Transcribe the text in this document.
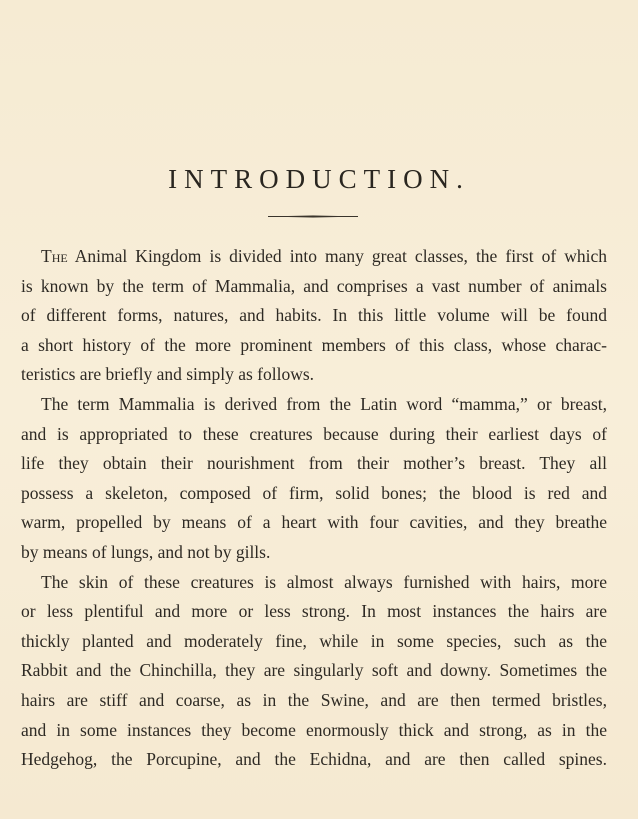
INTRODUCTION.
The Animal Kingdom is divided into many great classes, the first of which
is known by the term of Mammalia, and comprises a vast number of animals
of different forms, natures, and habits. In this little volume will be found
a short history of the more prominent members of this class, whose charac-
teristics are briefly and simply as follows.
The term Mammalia is derived from the Latin word “mamma,” or breast,
and is appropriated to these creatures because during their earliest days of
life they obtain their nourishment from their mother’s breast. They all
possess a skeleton, composed of firm, solid bones; the blood is red and
warm, propelled by means of a heart with four cavities, and they breathe
by means of lungs, and not by gills.
The skin of these creatures is almost always furnished with hairs, more
or less plentiful and more or less strong. In most instances the hairs are
thickly planted and moderately fine, while in some species, such as the
Rabbit and the Chinchilla, they are singularly soft and downy. Sometimes the
hairs are stiff and coarse, as in the Swine, and are then termed bristles,
and in some instances they become enormously thick and strong, as in the
Hedgehog, the Porcupine, and the Echidna, and are then called spines.
